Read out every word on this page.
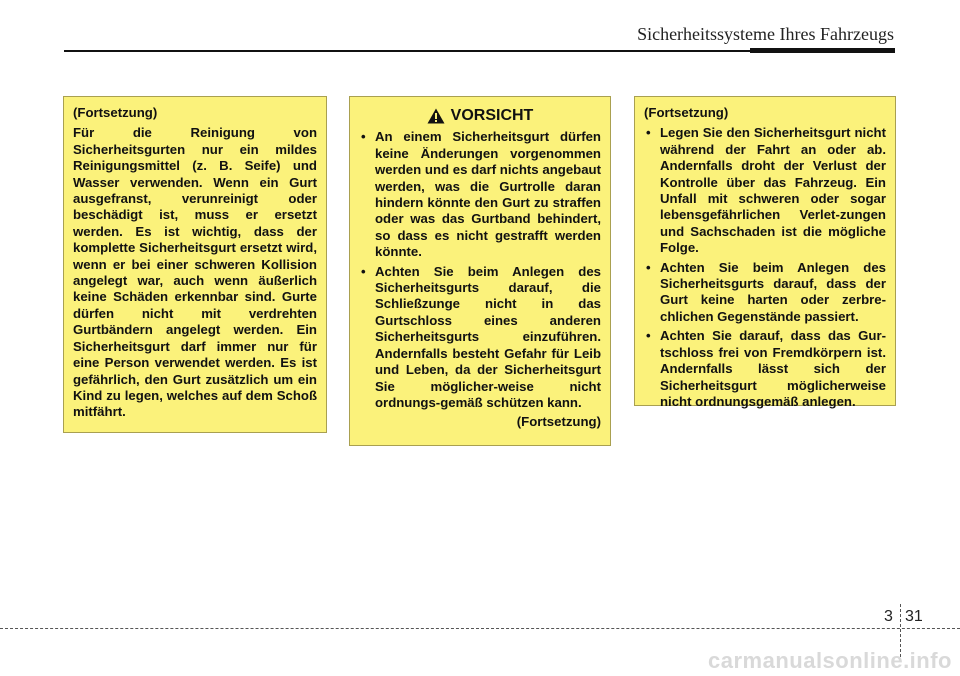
Sicherheitssysteme Ihres Fahrzeugs
(Fortsetzung)
Für die Reinigung von Sicherheitsgurten nur ein mildes Reinigungsmittel (z. B. Seife) und Wasser verwenden. Wenn ein Gurt ausgefranst, verunreinigt oder beschädigt ist, muss er ersetzt werden. Es ist wichtig, dass der komplette Sicherheitsgurt ersetzt wird, wenn er bei einer schweren Kollision angelegt war, auch wenn äußerlich keine Schäden erkennbar sind. Gurte dürfen nicht mit verdrehten Gurtbändern angelegt werden. Ein Sicherheitsgurt darf immer nur für eine Person verwendet werden. Es ist gefährlich, den Gurt zusätzlich um ein Kind zu legen, welches auf dem Schoß mitfährt.
VORSICHT
• An einem Sicherheitsgurt dürfen keine Änderungen vorgenommen werden und es darf nichts angebaut werden, was die Gurtrolle daran hindern könnte den Gurt zu straffen oder was das Gurtband behindert, so dass es nicht gestrafft werden könnte.
• Achten Sie beim Anlegen des Sicherheitsgurts darauf, die Schließzunge nicht in das Gurtschloss eines anderen Sicherheitsgurts einzuführen. Andernfalls besteht Gefahr für Leib und Leben, da der Sicherheitsgurt Sie möglicher-weise nicht ordnungs-gemäß schützen kann.
(Fortsetzung)
(Fortsetzung)
• Legen Sie den Sicherheitsgurt nicht während der Fahrt an oder ab. Andernfalls droht der Verlust der Kontrolle über das Fahrzeug. Ein Unfall mit schweren oder sogar lebensgefährlichen Verlet-zungen und Sachschaden ist die mögliche Folge.
• Achten Sie beim Anlegen des Sicherheitsgurts darauf, dass der Gurt keine harten oder zerbre-chlichen Gegenstände passiert.
• Achten Sie darauf, dass das Gur-tschloss frei von Fremdkörpern ist. Andernfalls lässt sich der Sicherheitsgurt möglicherweise nicht ordnungsgemäß anlegen.
3 31
carmanualsonline.info
